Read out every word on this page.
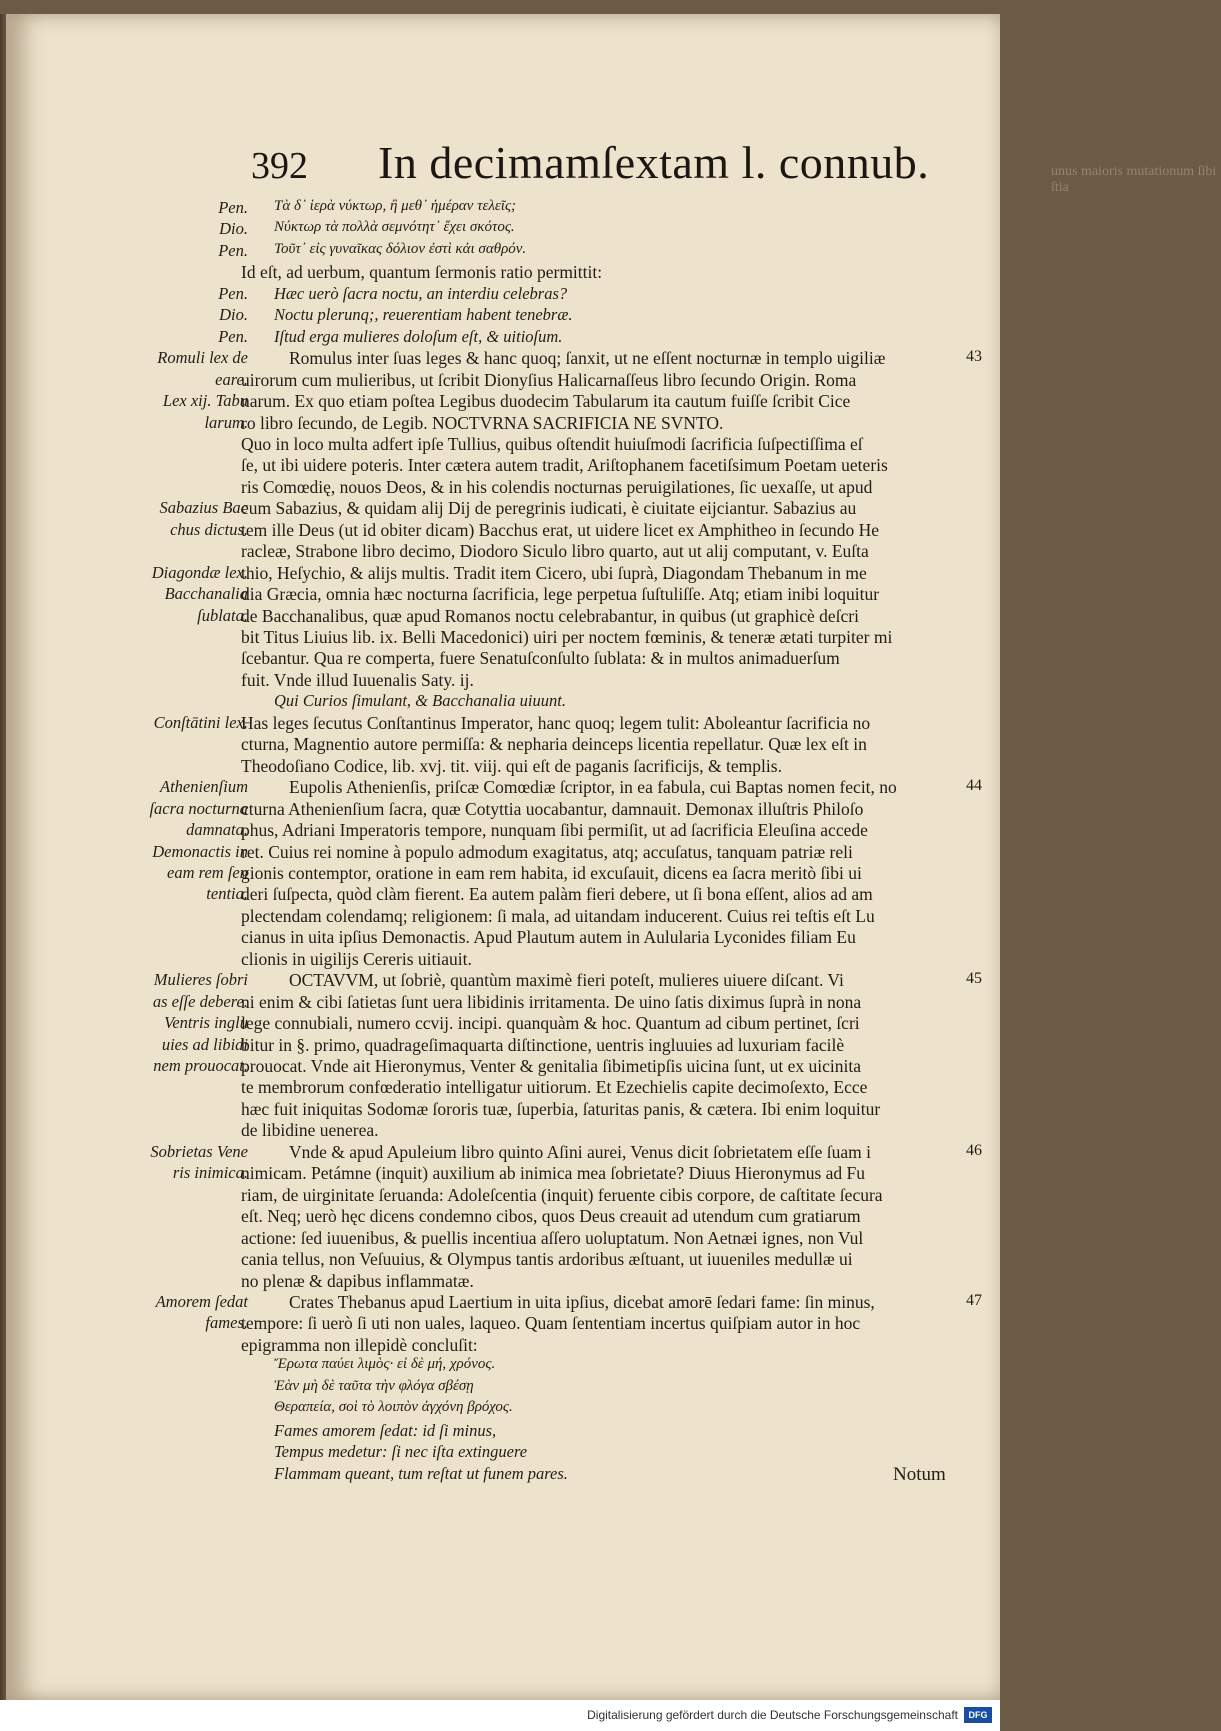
392 In decimamſextam l. connub.	unus maioris mutationum ſibi ſtia
Pen. Τὰ δ᾽ ἱερὰ νύκτωρ, ἢ μεθ᾽ ἡμέραν τελεῖς;
Dio. Νύκτωρ τὰ πολλὰ σεμνότητ᾽ ἔχει σκότος.
Pen. Τοῦτ᾽ εἰς γυναῖκας δόλιον ἐστὶ κἀι σαθρόν.
Id eſt, ad uerbum, quantum ſermonis ratio permittit:
Pen. Hæc uerò ſacra noctu, an interdiu celebras?
Dio. Noctu plerunq;, reuerentiam habent tenebræ.
Pen. Iſtud erga mulieres doloſum eſt, & uitioſum.
Romuli lex de Romulus inter ſuas leges & hanc quoq; ſanxit, ut ne eſſent nocturnæ in templo uigiliæ	43
eare.
uirorum cum mulieribus, ut ſcribit Dionyſius Halicarnaſſeus libro ſecundo Origin. Roma
Lex xij. Tabu
narum. Ex quo etiam poſtea Legibus duodecim Tabularum ita cautum fuiſſe ſcribit Cice
larum.
ro libro ſecundo, de Legib. NOCTVRNA SACRIFICIA NE SVNTO.
Quo in loco multa adfert ipſe Tullius, quibus oſtendit huiuſmodi ſacrificia ſuſpectiſſima eſ
ſe, ut ibi uidere poteris. Inter cætera autem tradit, Ariſtophanem facetiſsimum Poetam ueteris
ris Comœdię, nouos Deos, & in his colendis nocturnas peruigilationes, ſic uexaſſe, ut apud
Sabazius Bac
eum Sabazius, & quidam alij Dij de peregrinis iudicati, è ciuitate eijciantur. Sabazius au
chus dictus.
tem ille Deus (ut id obiter dicam) Bacchus erat, ut uidere licet ex Amphitheo in ſecundo He
racleæ, Strabone libro decimo, Diodoro Siculo libro quarto, aut ut alij computant, v. Euſta
Diagondæ lex.
thio, Heſychio, & alijs multis. Tradit item Cicero, ubi ſuprà, Diagondam Thebanum in me
Bacchanalia
dia Græcia, omnia hæc nocturna ſacrificia, lege perpetua ſuſtuliſſe. Atq; etiam inibi loquitur
ſublata.
de Bacchanalibus, quæ apud Romanos noctu celebrabantur, in quibus (ut graphicè deſcri
bit Titus Liuius lib. ix. Belli Macedonici) uiri per noctem fœminis, & teneræ ætati turpiter mi
ſcebantur. Qua re comperta, fuere Senatuſconſulto ſublata: & in multos animaduerſum
fuit. Vnde illud Iuuenalis Saty. ij.
Qui Curios ſimulant, & Bacchanalia uiuunt.
Conſtātini lex.
Has leges ſecutus Conſtantinus Imperator, hanc quoq; legem tulit: Aboleantur ſacrificia no
cturna, Magnentio autore permiſſa: & nepharia deinceps licentia repellatur. Quæ lex eſt in
Theodoſiano Codice, lib. xvj. tit. viij. qui eſt de paganis ſacrificijs, & templis.
Athenienſium Eupolis Athenienſis, priſcæ Comœdiæ ſcriptor, in ea fabula, cui Baptas nomen fecit, no	44
ſacra nocturna
cturna Athenienſium ſacra, quæ Cotyttia uocabantur, damnauit. Demonax illuſtris Philoſo
damnata.
phus, Adriani Imperatoris tempore, nunquam ſibi permiſit, ut ad ſacrificia Eleuſina accede
Demonactis in
ret. Cuius rei nomine à populo admodum exagitatus, atq; accuſatus, tanquam patriæ reli
eam rem ſen
gionis contemptor, oratione in eam rem habita, id excuſauit, dicens ea ſacra meritò ſibi ui
tentia.
deri ſuſpecta, quòd clàm fierent. Ea autem palàm fieri debere, ut ſi bona eſſent, alios ad am
plectendam colendamq; religionem: ſi mala, ad uitandam inducerent. Cuius rei teſtis eſt Lu
cianus in uita ipſius Demonactis. Apud Plautum autem in Aulularia Lyconides filiam Eu
clionis in uigilijs Cereris uitiauit.
Mulieres ſobri OCTAVVM, ut ſobriè, quantùm maximè fieri poteſt, mulieres uiuere diſcant. Vi	45
as eſſe debere.
ni enim & cibi ſatietas ſunt uera libidinis irritamenta. De uino ſatis diximus ſuprà in nona
Ventris inglu
lege connubiali, numero ccvij. incipi. quanquàm & hoc. Quantum ad cibum pertinet, ſcri
uies ad libidi
bitur in §. primo, quadrageſimaquarta diſtinctione, uentris ingluuies ad luxuriam facilè
nem prouocat.
prouocat. Vnde ait Hieronymus, Venter & genitalia ſibimetipſis uicina ſunt, ut ex uicinita
te membrorum confœderatio intelligatur uitiorum. Et Ezechielis capite decimoſexto, Ecce
hæc fuit iniquitas Sodomæ ſororis tuæ, ſuperbia, ſaturitas panis, & cætera. Ibi enim loquitur
de libidine uenerea.
Sobrietas Vene Vnde & apud Apuleium libro quinto Aſini aurei, Venus dicit ſobrietatem eſſe ſuam i	46
ris inimica.
nimicam. Petámne (inquit) auxilium ab inimica mea ſobrietate? Diuus Hieronymus ad Fu
riam, de uirginitate ſeruanda: Adoleſcentia (inquit) feruente cibis corpore, de caſtitate ſecura
eſt. Neq; uerò hęc dicens condemno cibos, quos Deus creauit ad utendum cum gratiarum
actione: ſed iuuenibus, & puellis incentiua aſſero uoluptatum. Non Aetnæi ignes, non Vul
cania tellus, non Veſuuius, & Olympus tantis ardoribus æſtuant, ut iuueniles medullæ ui
no plenæ & dapibus inflammatæ.
Amorem ſedat Crates Thebanus apud Laertium in uita ipſius, dicebat amorē ſedari fame: ſin minus,	47
fames.
tempore: ſi uerò ſi uti non uales, laqueo. Quam ſententiam incertus quiſpiam autor in hoc
epigramma non illepidè concluſit:
Ἔρωτα παύει λιμὸς· εἰ δὲ μή, χρόνος.
Ἐὰν μὴ δὲ ταῦτα τὴν φλόγα σβέσῃ
Θεραπεία, σοὶ τὸ λοιπὸν ἀγχόνη βρόχος.
Fames amorem ſedat: id ſi minus,
Tempus medetur: ſi nec iſta extinguere
Flammam queant, tum reſtat ut funem pares.	Notum
Digitalisierung gefördert durch die Deutsche Forschungsgemeinschaft	DFG
